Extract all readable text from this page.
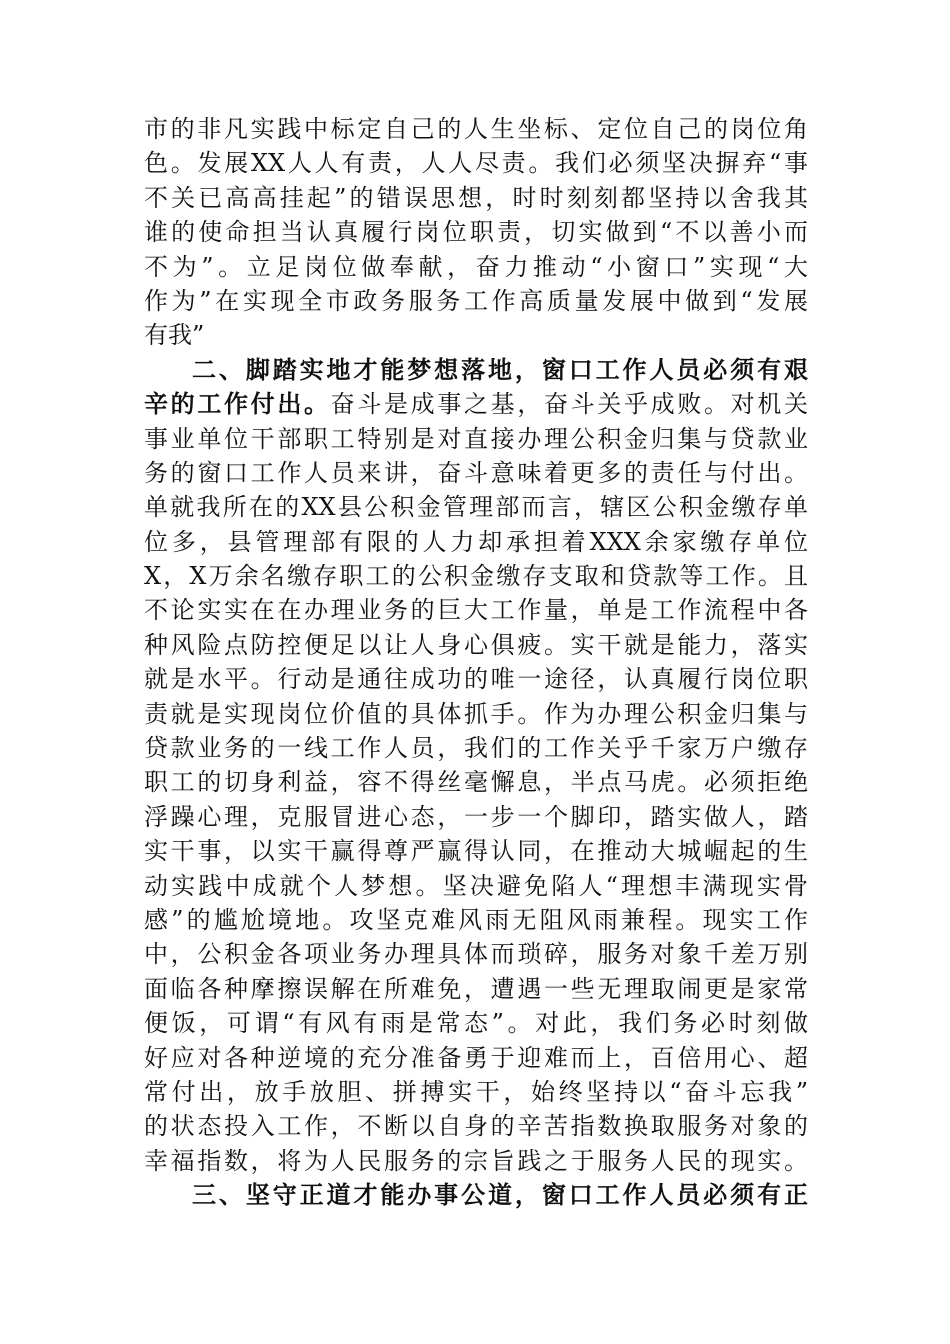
市的非凡实践中标定自己的人生坐标、定位自己的岗位角
色。发展XX人人有责，人人尽责。我们必须坚决摒弃“事
不关已高高挂起”的错误思想，时时刻刻都坚持以舍我其
谁的使命担当认真履行岗位职责，切实做到“不以善小而
不为”。立足岗位做奉献，奋力推动“小窗口”实现“大
作为”在实现全市政务服务工作高质量发展中做到“发展
有我”
二、脚踏实地才能梦想落地，窗口工作人员必须有艰
辛的工作付出。奋斗是成事之基，奋斗关乎成败。对机关
事业单位干部职工特别是对直接办理公积金归集与贷款业
务的窗口工作人员来讲，奋斗意味着更多的责任与付出。
单就我所在的XX县公积金管理部而言，辖区公积金缴存单
位多，县管理部有限的人力却承担着XXX余家缴存单位
X，X万余名缴存职工的公积金缴存支取和贷款等工作。且
不论实实在在办理业务的巨大工作量，单是工作流程中各
种风险点防控便足以让人身心俱疲。实干就是能力，落实
就是水平。行动是通往成功的唯一途径，认真履行岗位职
责就是实现岗位价值的具体抓手。作为办理公积金归集与
贷款业务的一线工作人员，我们的工作关乎千家万户缴存
职工的切身利益，容不得丝毫懈息，半点马虎。必须拒绝
浮躁心理，克服冒进心态，一步一个脚印，踏实做人，踏
实干事，以实干赢得尊严赢得认同，在推动大城崛起的生
动实践中成就个人梦想。坚决避免陷人“理想丰满现实骨
感”的尴尬境地。攻坚克难风雨无阻风雨兼程。现实工作
中，公积金各项业务办理具体而琐碎，服务对象千差万别
面临各种摩擦误解在所难免，遭遇一些无理取闹更是家常
便饭，可谓“有风有雨是常态”。对此，我们务必时刻做
好应对各种逆境的充分准备勇于迎难而上，百倍用心、超
常付出，放手放胆、拼搏实干，始终坚持以“奋斗忘我”
的状态投入工作，不断以自身的辛苦指数换取服务对象的
幸福指数，将为人民服务的宗旨践之于服务人民的现实。
三、坚守正道才能办事公道，窗口工作人员必须有正
